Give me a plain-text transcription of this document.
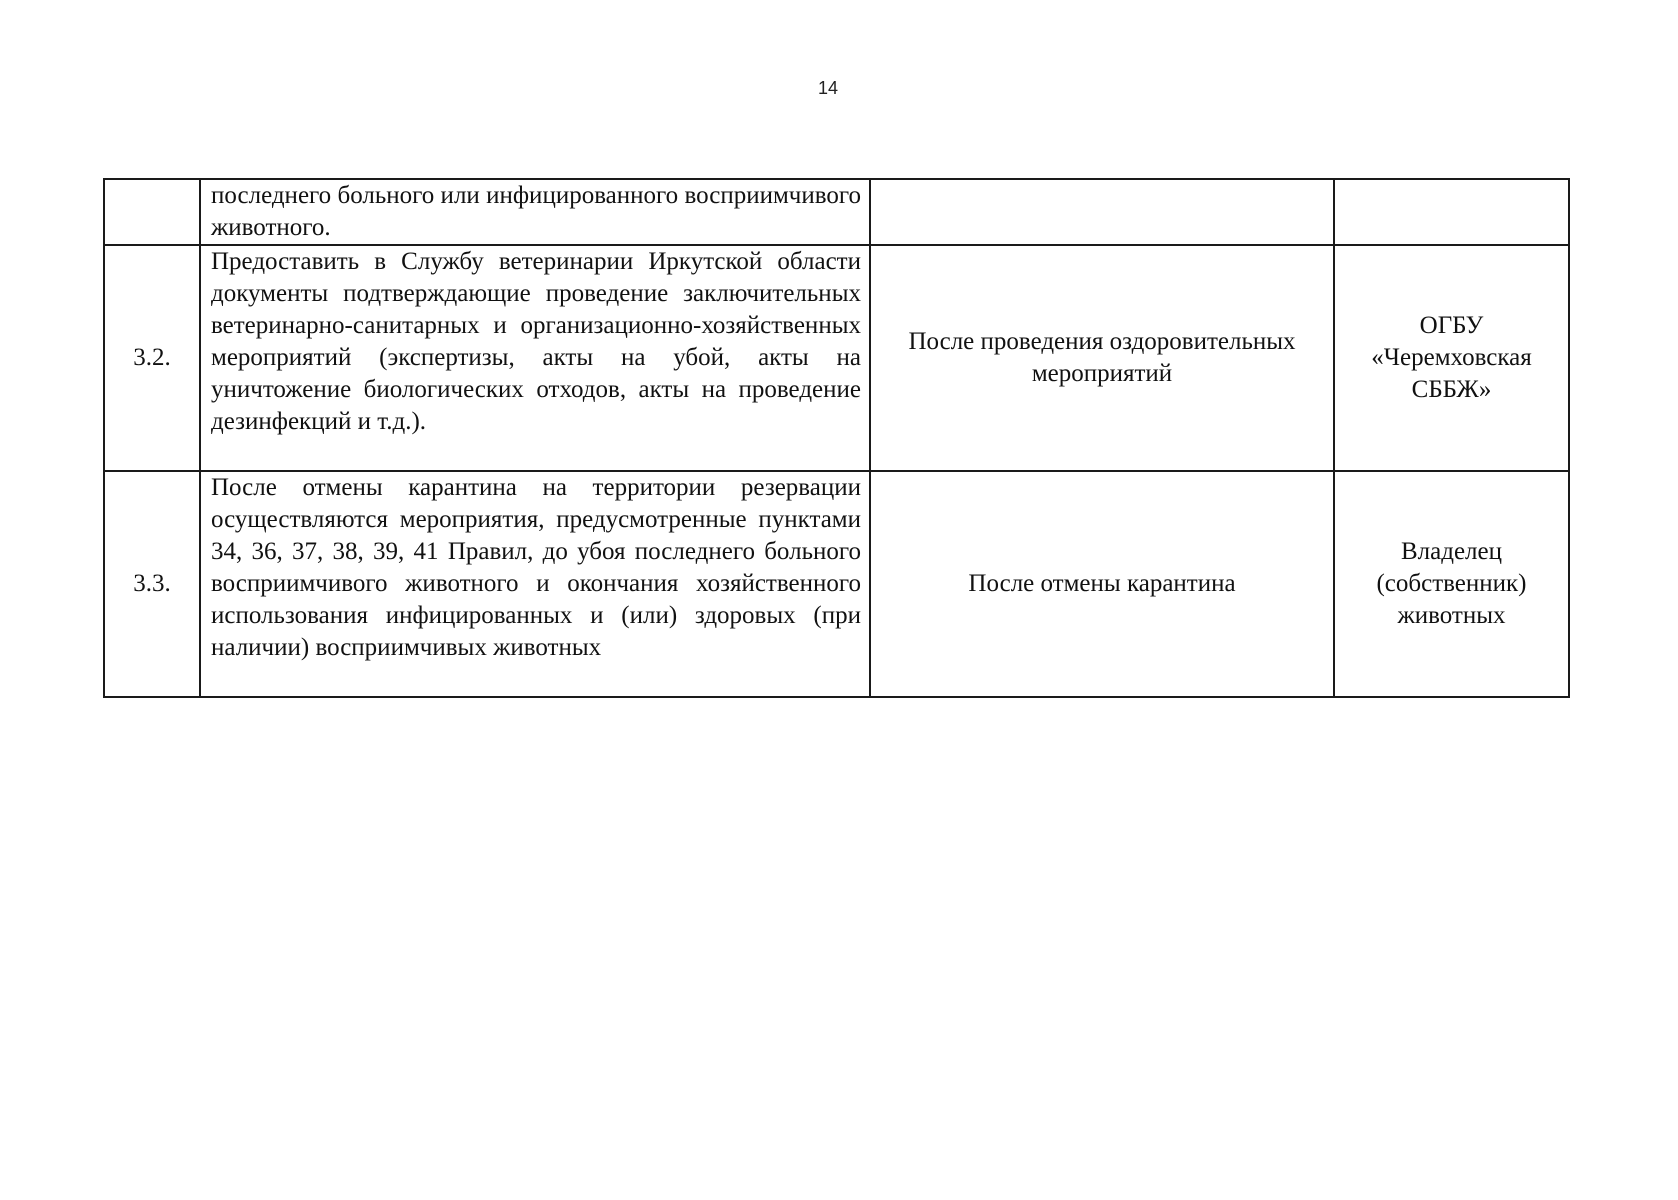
14
	последнего больного или инфицированного восприимчивого животного.		
3.2.	Предоставить в Службу ветеринарии Иркутской области документы подтверждающие проведение заключительных ветеринарно-санитарных и организационно-хозяйственных мероприятий (экспертизы, акты на убой, акты на уничтожение биологических отходов, акты на проведение дезинфекций и т.д.).	После проведения оздоровительных мероприятий	ОГБУ «Черемховская СББЖ»
3.3.	После отмены карантина на территории резервации осуществляются мероприятия, предусмотренные пунктами 34, 36, 37, 38, 39, 41 Правил, до убоя последнего больного восприимчивого животного и окончания хозяйственного использования инфицированных и (или) здоровых (при наличии) восприимчивых животных	После отмены карантина	Владелец (собственник) животных
